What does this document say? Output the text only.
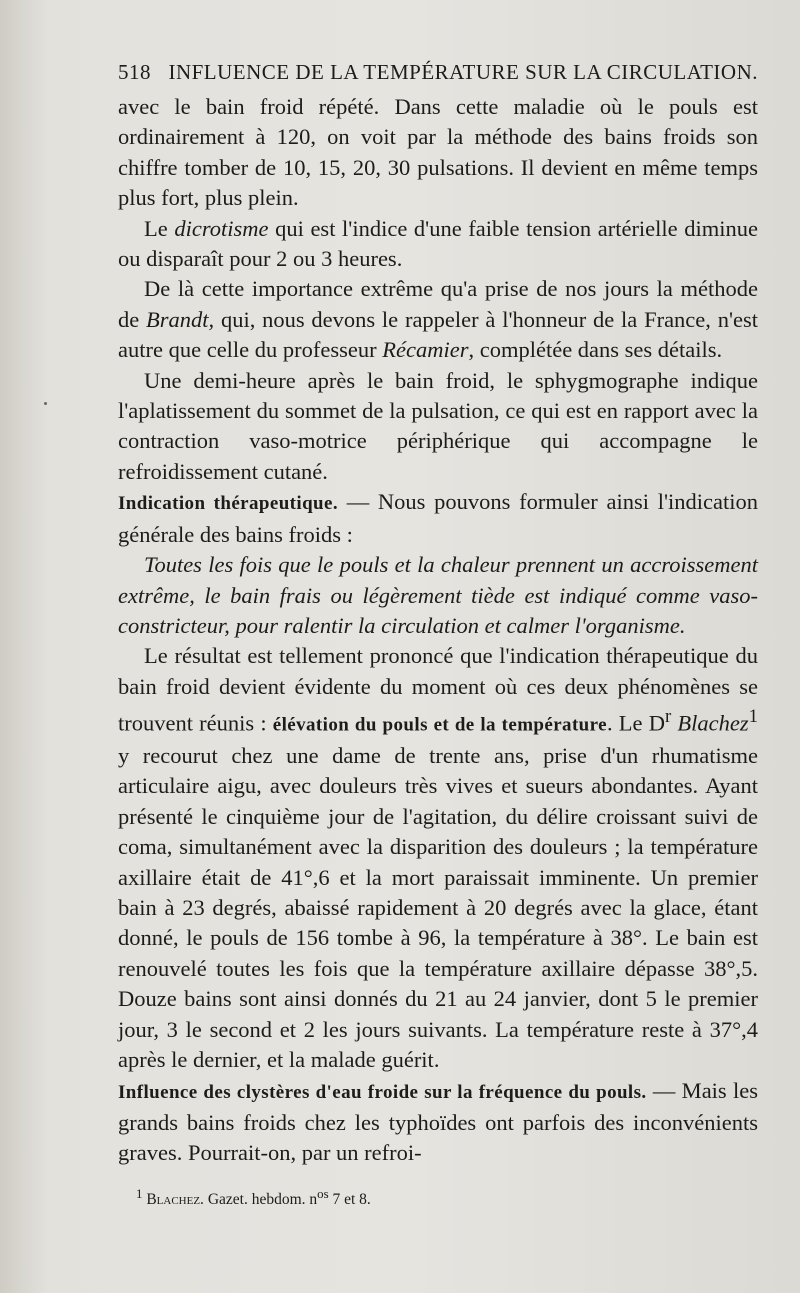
518 INFLUENCE DE LA TEMPÉRATURE SUR LA CIRCULATION.

avec le bain froid répété. Dans cette maladie où le pouls est ordinairement à 120, on voit par la méthode des bains froids son chiffre tomber de 10, 15, 20, 30 pulsations. Il devient en même temps plus fort, plus plein.

Le dicrotisme qui est l'indice d'une faible tension artérielle diminue ou disparaît pour 2 ou 3 heures.

De là cette importance extrême qu'a prise de nos jours la méthode de Brandt, qui, nous devons le rappeler à l'honneur de la France, n'est autre que celle du professeur Récamier, complétée dans ses détails.

Une demi-heure après le bain froid, le sphygmographe indique l'aplatissement du sommet de la pulsation, ce qui est en rapport avec la contraction vaso-motrice périphérique qui accompagne le refroidissement cutané.

Indication thérapeutique. — Nous pouvons formuler ainsi l'indication générale des bains froids :

Toutes les fois que le pouls et la chaleur prennent un accroissement extrême, le bain frais ou légèrement tiède est indiqué comme vaso-constricteur, pour ralentir la circulation et calmer l'organisme.

Le résultat est tellement prononcé que l'indication thérapeutique du bain froid devient évidente du moment où ces deux phénomènes se trouvent réunis : élévation du pouls et de la température. Le $D^r$ Blachez$^1$ y recourut chez une dame de trente ans, prise d'un rhumatisme articulaire aigu, avec douleurs très vives et sueurs abondantes. Ayant présenté le cinquième jour de l'agitation, du délire croissant suivi de coma, simultanément avec la disparition des douleurs ; la température axillaire était de 41°,6 et la mort paraissait imminente. Un premier bain à 23 degrés, abaissé rapidement à 20 degrés avec la glace, étant donné, le pouls de 156 tombe à 96, la température à 38°. Le bain est renouvelé toutes les fois que la température axillaire dépasse 38°,5. Douze bains sont ainsi donnés du 21 au 24 janvier, dont 5 le premier jour, 3 le second et 2 les jours suivants. La température reste à 37°,4 après le dernier, et la malade guérit.

Influence des clystères d'eau froide sur la fréquence du pouls. — Mais les grands bains froids chez les typhoïdes ont parfois des inconvénients graves. Pourrait-on, par un refroi-

$^1$ Blachez. Gazet. hebdom. $n^{os}$ 7 et 8.
